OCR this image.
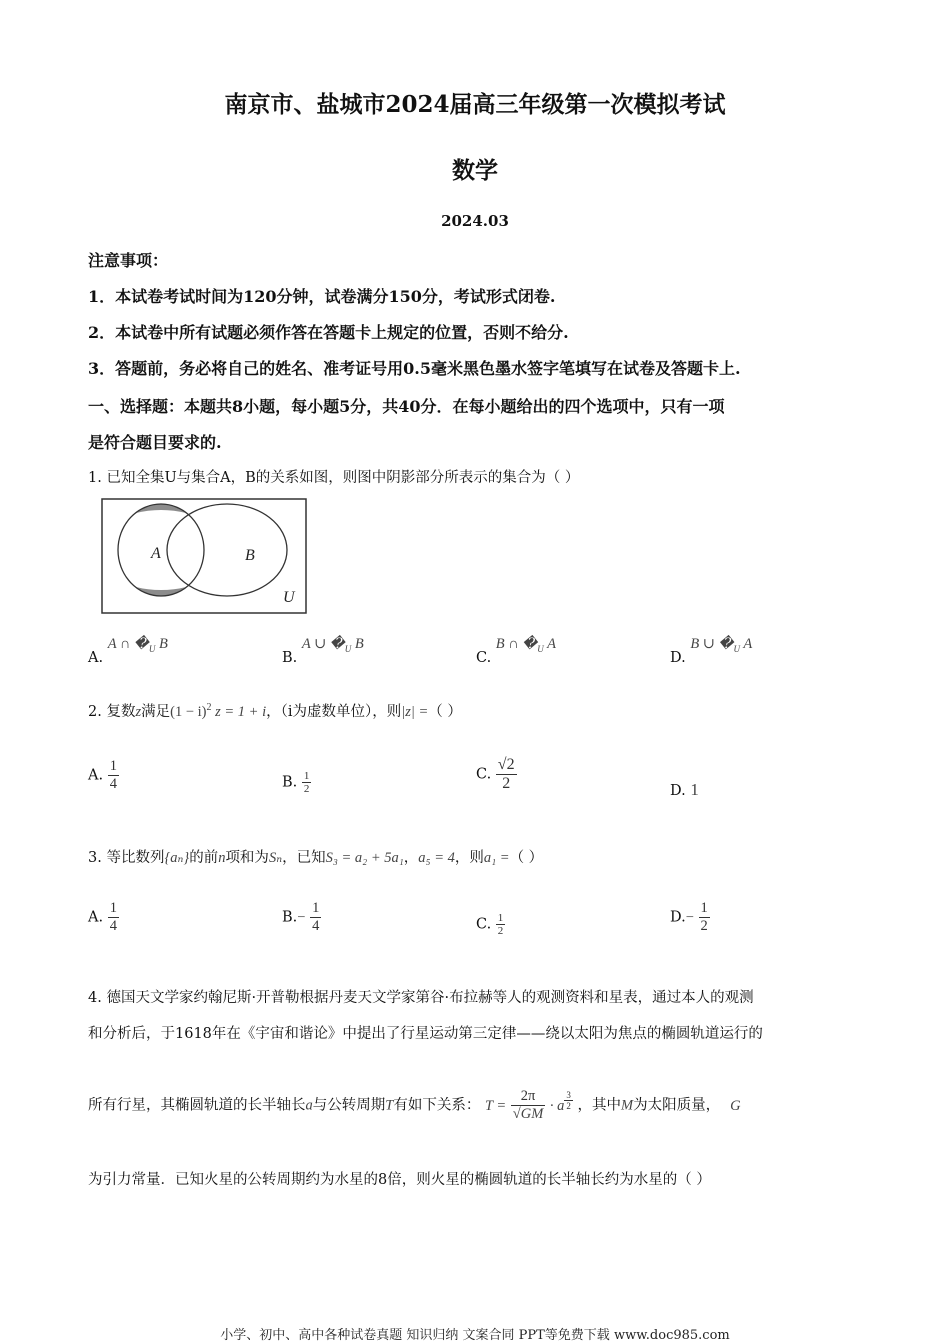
南京市、盐城市2024届高三年级第一次模拟考试
数学
2024.03
注意事项：
1．本试卷考试时间为120分钟，试卷满分150分，考试形式闭卷.
2．本试卷中所有试题必须作答在答题卡上规定的位置，否则不给分.
3．答题前，务必将自己的姓名、准考证号用0.5毫米黑色墨水签字笔填写在试卷及答题卡上.
一、选择题：本题共8小题，每小题5分，共40分．在每小题给出的四个选项中，只有一项
是符合题目要求的.
1. 已知全集U与集合A，B的关系如图，则图中阴影部分所表示的集合为（ ）
A	B
U
A. A ∩ $�_U$ B
B. A ∪ $�_U$ B
C. B ∩ $�_U$ A
D. B ∪ $�_U$ A
2. 复数z满足$(1 - i)^2$ z = 1 + i，（i为虚数单位），则|z| =（ ）
A. $\frac{1}{4}$	B. $\frac{1}{2}$	C. $\frac{√2}{2}$	D. 1
3. 等比数列{aₙ}的前n项和为Sₙ，已知S₃ = a₂ + 5a₁，a₅ = 4，则a₁ =（ ）
A. $\frac{1}{4}$	$B.- \frac{1}{4}$	C. $\frac{1}{2}$	$D.- \frac{1}{2}$
4. 德国天文学家约翰尼斯·开普勒根据丹麦天文学家第谷·布拉赫等人的观测资料和星表，通过本人的观测
和分析后，于1618年在《宇宙和谐论》中提出了行星运动第三定律——绕以太阳为焦点的椭圆轨道运行的
所有行星，其椭圆轨道的长半轴长a与公转周期T有如下关系： $T = \frac{2\pi}{√GM} \cdot a$ $^{\frac{3}{2}}$ ，其中M为太阳质量， G
为引力常量．已知火星的公转周期约为水星的8倍，则火星的椭圆轨道的长半轴长约为水星的（ ）
小学、初中、高中各种试卷真题 知识归纳 文案合同 PPT等免费下载 www.doc985.com
